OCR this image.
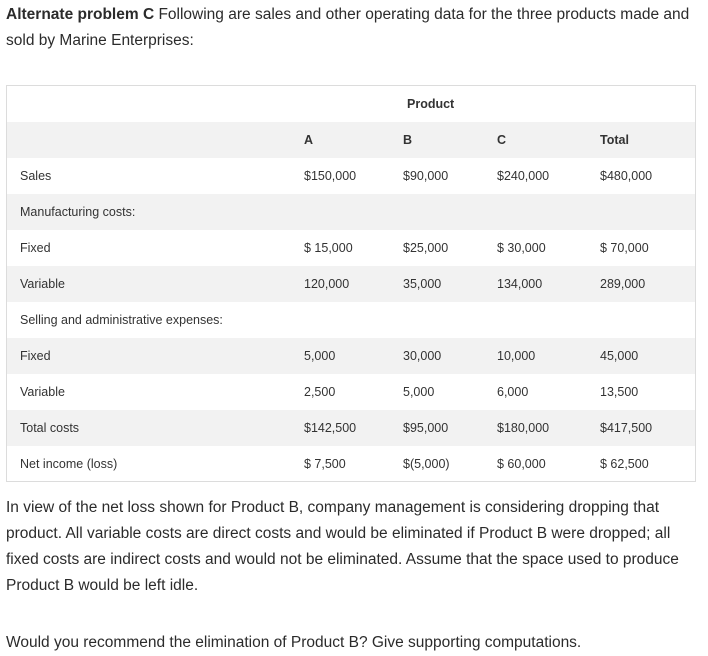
Alternate problem C Following are sales and other operating data for the three products made and sold by Marine Enterprises:
		Product		
	A	B	C	Total
Sales	$150,000	$90,000	$240,000	$480,000
Manufacturing costs:				
Fixed	$ 15,000	$25,000	$ 30,000	$ 70,000
Variable	120,000	35,000	134,000	289,000
Selling and administrative expenses:				
Fixed	5,000	30,000	10,000	45,000
Variable	2,500	5,000	6,000	13,500
Total costs	$142,500	$95,000	$180,000	$417,500
Net income (loss)	$ 7,500	$(5,000)	$ 60,000	$ 62,500
In view of the net loss shown for Product B, company management is considering dropping that product. All variable costs are direct costs and would be eliminated if Product B were dropped; all fixed costs are indirect costs and would not be eliminated. Assume that the space used to produce Product B would be left idle.
Would you recommend the elimination of Product B? Give supporting computations.
